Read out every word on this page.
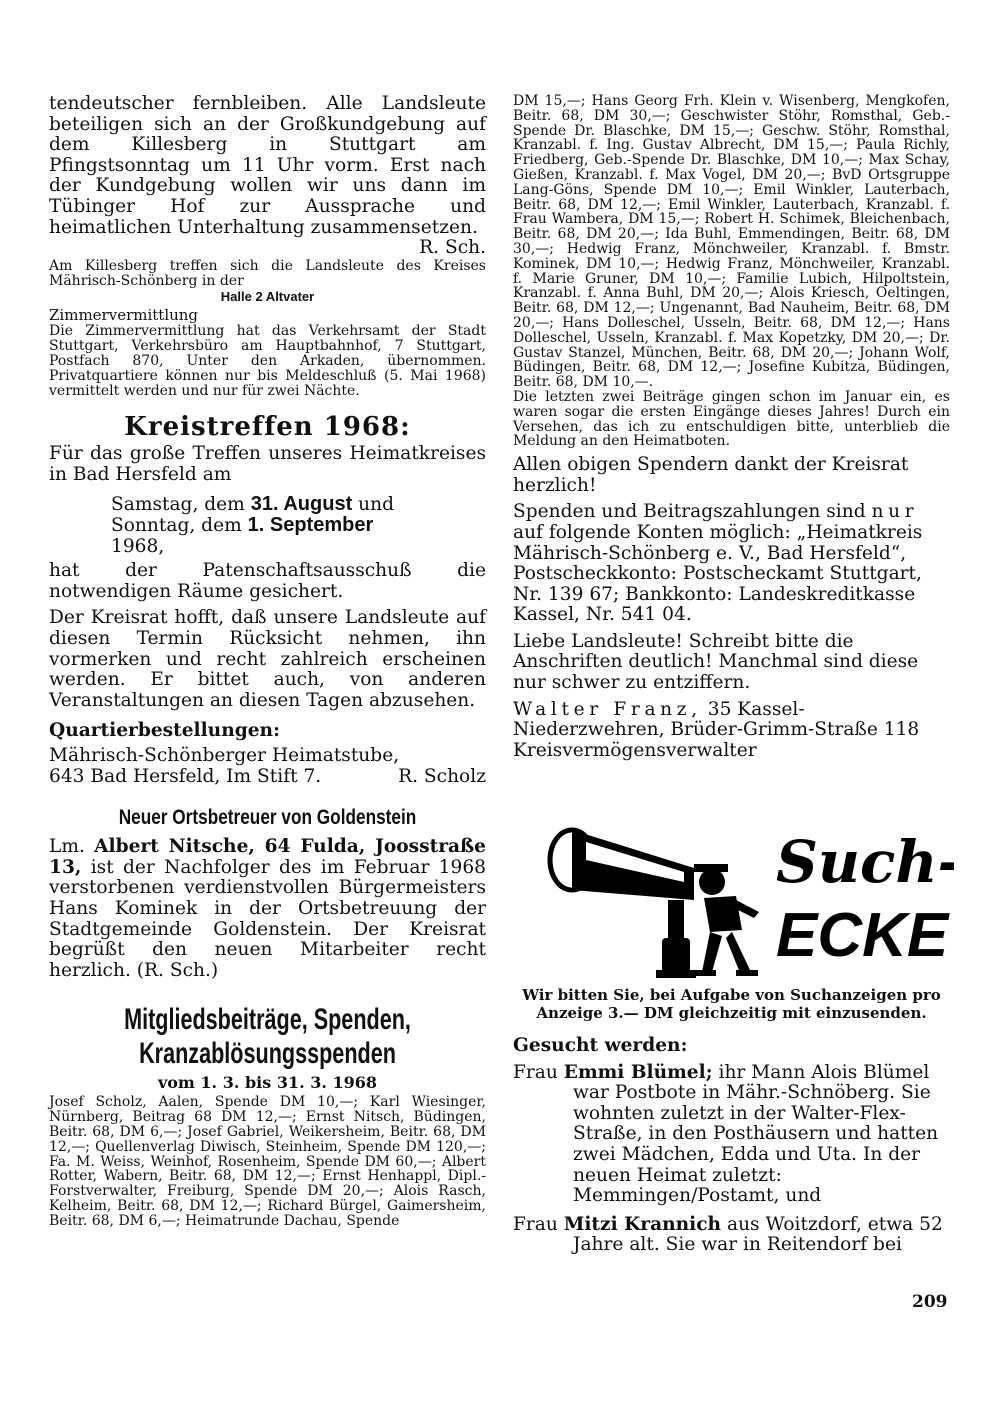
tendeutscher fernbleiben. Alle Landsleute beteiligen sich an der Großkundgebung auf dem Killesberg in Stuttgart am Pfingstsonntag um 11 Uhr vorm. Erst nach der Kundgebung wollen wir uns dann im Tübinger Hof zur Aussprache und heimatlichen Unterhaltung zusammensetzen.

R. Sch.

Am Killesberg treffen sich die Landsleute des Kreises Mährisch-Schönberg in der

Halle 2 Altvater

Zimmervermittlung

Die Zimmervermittlung hat das Verkehrsamt der Stadt Stuttgart, Verkehrsbüro am Hauptbahnhof, 7 Stuttgart, Postfach 870, Unter den Arkaden, übernommen. Privatquartiere können nur bis Meldeschluß (5. Mai 1968) vermittelt werden und nur für zwei Nächte.

Kreistreffen 1968:

Für das große Treffen unseres Heimatkreises in Bad Hersfeld am

Samstag, dem 31. August und

Sonntag, dem 1. September

1968,

hat der Patenschaftsausschuß die notwendigen Räume gesichert.

Der Kreisrat hofft, daß unsere Landsleute auf diesen Termin Rücksicht nehmen, ihn vormerken und recht zahlreich erscheinen werden. Er bittet auch, von anderen Veranstaltungen an diesen Tagen abzusehen.

Quartierbestellungen:

Mährisch-Schönberger Heimatstube,

643 Bad Hersfeld, Im Stift 7.	R. Scholz

Neuer Ortsbetreuer von Goldenstein

Lm. Albert Nitsche, 64 Fulda, Joosstraße 13, ist der Nachfolger des im Februar 1968 verstorbenen verdienstvollen Bürgermeisters Hans Kominek in der Ortsbetreuung der Stadtgemeinde Goldenstein. Der Kreisrat begrüßt den neuen Mitarbeiter recht herzlich. (R. Sch.)

Mitgliedsbeiträge, Spenden,

Kranzablösungsspenden

vom 1. 3. bis 31. 3. 1968

Josef Scholz, Aalen, Spende DM 10,—; Karl Wiesinger, Nürnberg, Beitrag 68 DM 12,—; Ernst Nitsch, Büdingen, Beitr. 68, DM 6,—; Josef Gabriel, Weikersheim, Beitr. 68, DM 12,—; Quellenverlag Diwisch, Steinheim, Spende DM 120,—; Fa. M. Weiss, Weinhof, Rosenheim, Spende DM 60,—; Albert Rotter, Wabern, Beitr. 68, DM 12,—; Ernst Henhappl, Dipl.-Forstverwalter, Freiburg, Spende DM 20,—; Alois Rasch, Kelheim, Beitr. 68, DM 12,—; Richard Bürgel, Gaimersheim, Beitr. 68, DM 6,—; Heimatrunde Dachau, Spende

DM 15,—; Hans Georg Frh. Klein v. Wisenberg, Mengkofen, Beitr. 68, DM 30,—; Geschwister Stöhr, Romsthal, Geb.-Spende Dr. Blaschke, DM 15,—; Geschw. Stöhr, Romsthal, Kranzabl. f. Ing. Gustav Albrecht, DM 15,—; Paula Richly, Friedberg, Geb.-Spende Dr. Blaschke, DM 10,—; Max Schay, Gießen, Kranzabl. f. Max Vogel, DM 20,—; BvD Ortsgruppe Lang-Göns, Spende DM 10,—; Emil Winkler, Lauterbach, Beitr. 68, DM 12,—; Emil Winkler, Lauterbach, Kranzabl. f. Frau Wambera, DM 15,—; Robert H. Schimek, Bleichenbach, Beitr. 68, DM 20,—; Ida Buhl, Emmendingen, Beitr. 68, DM 30,—; Hedwig Franz, Mönchweiler, Kranzabl. f. Bmstr. Kominek, DM 10,—; Hedwig Franz, Mönchweiler, Kranzabl. f. Marie Gruner, DM 10,—; Familie Lubich, Hilpoltstein, Kranzabl. f. Anna Buhl, DM 20,—; Alois Kriesch, Oeltingen, Beitr. 68, DM 12,—; Ungenannt, Bad Nauheim, Beitr. 68, DM 20,—; Hans Dolleschel, Usseln, Beitr. 68, DM 12,—; Hans Dolleschel, Usseln, Kranzabl. f. Max Kopetzky, DM 20,—; Dr. Gustav Stanzel, München, Beitr. 68, DM 20,—; Johann Wolf, Büdingen, Beitr. 68, DM 12,—; Josefine Kubitza, Büdingen, Beitr. 68, DM 10,—.

Die letzten zwei Beiträge gingen schon im Januar ein, es waren sogar die ersten Eingänge dieses Jahres! Durch ein Versehen, das ich zu entschuldigen bitte, unterblieb die Meldung an den Heimatboten.

Allen obigen Spendern dankt der Kreisrat herzlich!

Spenden und Beitragszahlungen sind nur auf folgende Konten möglich: „Heimatkreis Mährisch-Schönberg e. V., Bad Hersfeld“, Postscheckkonto: Postscheckamt Stuttgart, Nr. 139 67; Bankkonto: Landeskreditkasse Kassel, Nr. 541 04.

Liebe Landsleute! Schreibt bitte die Anschriften deutlich! Manchmal sind diese nur schwer zu entziffern.

Walter Franz, 35 Kassel-Niederzwehren, Brüder-Grimm-Straße 118

Kreisvermögensverwalter

Such-
ECKE

Wir bitten Sie, bei Aufgabe von Suchanzeigen pro Anzeige 3.— DM gleichzeitig mit einzusenden.

Gesucht werden:

Frau Emmi Blümel; ihr Mann Alois Blümel war Postbote in Mähr.-Schnöberg. Sie wohnten zuletzt in der Walter-Flex-Straße, in den Posthäusern und hatten zwei Mädchen, Edda und Uta. In der neuen Heimat zuletzt: Memmingen/Postamt, und

Frau Mitzi Krannich aus Woitzdorf, etwa 52 Jahre alt. Sie war in Reitendorf bei

209
